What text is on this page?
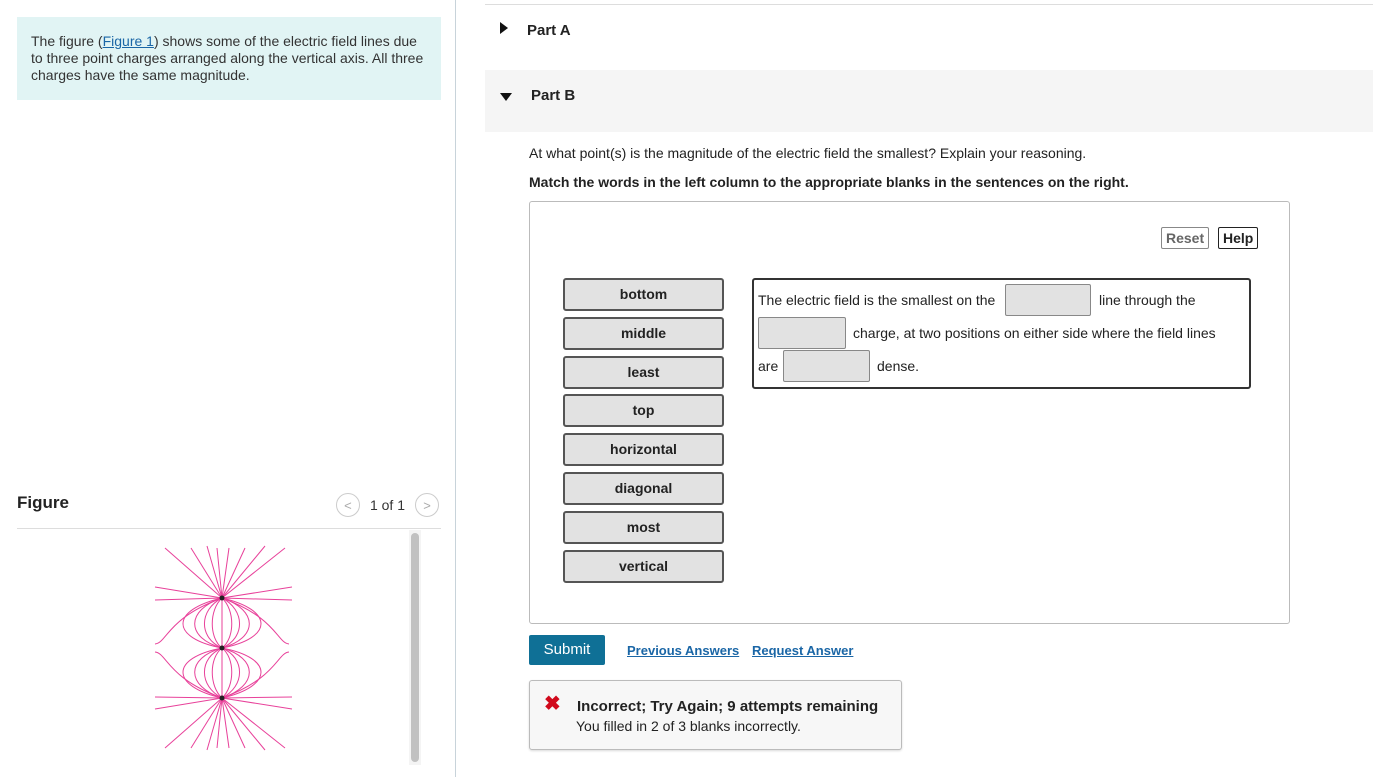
The figure (Figure 1) shows some of the electric field lines due to three point charges arranged along the vertical axis. All three charges have the same magnitude.
Figure	< 1 of 1 >
Part A
Part B
At what point(s) is the magnitude of the electric field the smallest? Explain your reasoning.
Match the words in the left column to the appropriate blanks in the sentences on the right.
Reset	Help
bottom
middle
least
top
horizontal
diagonal
most
vertical
The electric field is the smallest on the	line through the
charge, at two positions on either side where the field lines
are	dense.
Submit	Previous Answers Request Answer
✖ Incorrect; Try Again; 9 attempts remaining
You filled in 2 of 3 blanks incorrectly.
